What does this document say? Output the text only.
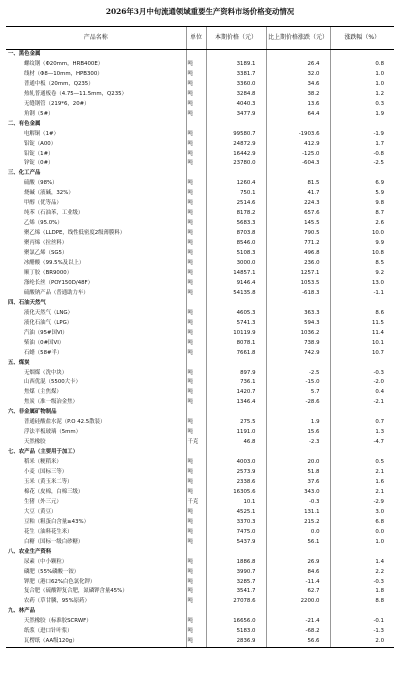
2026年3月中旬流通领域重要生产资料市场价格变动情况
产品名称	单位	本期价格（元）	比上期价格涨跌（元）	涨跌幅（%）
一、黑色金属				
螺纹钢（Φ20mm，HRB400E）	吨	3189.1	26.4	0.8
线材（Φ8—10mm，HPB300）	吨	3381.7	32.0	1.0
普通中板（20mm，Q235）	吨	3360.0	34.6	1.0
热轧普通板卷（4.75—11.5mm，Q235）	吨	3284.8	38.2	1.2
无缝钢管（219*6，20#）	吨	4040.3	13.6	0.3
角钢（5#）	吨	3477.9	64.4	1.9
二、有色金属				
电解铜（1#）	吨	99580.7	-1903.6	-1.9
铝锭（A00）	吨	24872.9	412.9	1.7
铅锭（1#）	吨	16442.9	-125.0	-0.8
锌锭（0#）	吨	23780.0	-604.3	-2.5
三、化工产品				
硫酸（98%）	吨	1260.4	81.5	6.9
烧碱（液碱，32%）	吨	750.1	41.7	5.9
甲醇（优等品）	吨	2514.6	224.3	9.8
纯苯（石油苯，工业级）	吨	8178.2	657.6	8.7
乙烯（95.0%）	吨	5683.3	145.5	2.6
聚乙烯（LLDPE，线性低密度2级薄膜料）	吨	8703.8	790.5	10.0
聚丙烯（拉丝料）	吨	8546.0	771.2	9.9
聚氯乙烯（SG5）	吨	5108.3	496.8	10.8
冰醋酸（99.5%及以上）	吨	3000.0	236.0	8.5
顺丁胶（BR9000）	吨	14857.1	1257.1	9.2
涤纶长丝（POY150D/48F）	吨	9146.4	1053.5	13.0
硫酸钠产品（普通助力车）	吨	54135.8	-618.3	-1.1
四、石油天然气				
液化天然气（LNG）	吨	4605.3	363.3	8.6
液化石油气（LPG）	吨	5741.3	594.3	11.5
汽油（95#国VI）	吨	10119.9	1036.2	11.4
柴油（0#国VI）	吨	8078.1	738.9	10.1
石蜡（58#半）	吨	7661.8	742.9	10.7
五、煤炭				
无烟煤（洗中块）	吨	897.9	-2.5	-0.3
山西优混（5500大卡）	吨	736.1	-15.0	-2.0
焦煤（主焦煤）	吨	1420.7	5.7	0.4
焦炭（准一级冶金焦）	吨	1346.4	-28.6	-2.1
六、非金属矿物制品				
普通硅酸盐水泥（P.O 42.5散装）	吨	275.5	1.9	0.7
浮法平板玻璃（5mm）	吨	1191.0	15.6	1.3
天然橡胶	千克	46.8	-2.3	-4.7
七、农产品（主要用于加工）				
稻米（粳稻米）	吨	4003.0	20.0	0.5
小麦（国标三等）	吨	2573.9	51.8	2.1
玉米（黄玉米二等）	吨	2338.6	37.6	1.6
棉花（皮棉，白棉三级）	吨	16305.6	343.0	2.1
生猪（外三元）	千克	10.1	-0.3	-2.9
大豆（黄豆）	吨	4525.1	131.1	3.0
豆粕（粗蛋白含量≥43%）	吨	3370.3	215.2	6.8
花生（油料花生米）	吨	7475.0	0.0	0.0
白糖（国标一级白砂糖）	吨	5437.9	56.1	1.0
八、农业生产资料				
尿素（中小颗粒）	吨	1886.8	26.9	1.4
磷肥（55%磷酸一铵）	吨	3990.7	84.6	2.2
钾肥（港口62%白色氯化钾）	吨	3285.7	-11.4	-0.3
复合肥（硫酸钾复合肥，氮磷钾含量45%）	吨	3541.7	62.7	1.8
农药（草甘膦，95%原药）	吨	27078.6	2200.0	8.8
九、林产品				
天然橡胶（标准胶SCRWF）	吨	16656.0	-21.4	-0.1
纸浆（进口针叶浆）	吨	5183.0	-68.2	-1.3
瓦楞纸（AA级120g）	吨	2836.9	56.6	2.0
